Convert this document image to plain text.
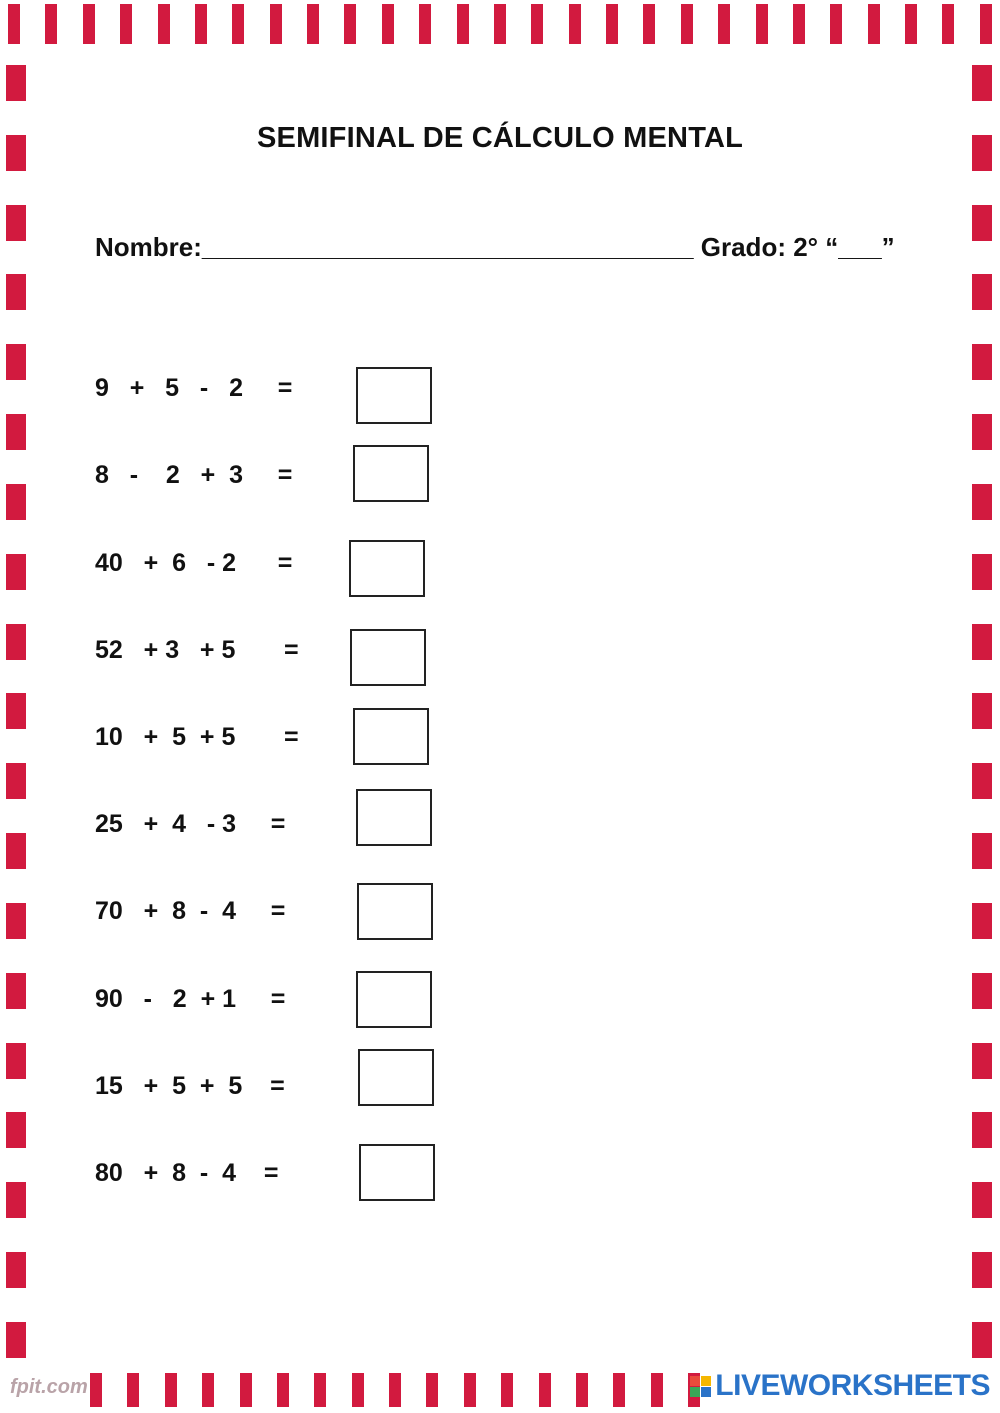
SEMIFINAL DE CÁLCULO MENTAL
Nombre:__________________________________ Grado: 2° “___”
9   +   5   -   2     =
8   -    2   +  3     =
40   +  6   - 2      =
52   + 3   + 5       =
10   +  5  + 5       =
25   +  4   - 3     =
70   +  8  -  4     =
90   -   2  + 1     =
15   +  5  +  5    =
80   +  8  -  4    =
fpit.com	LIVEWORKSHEETS
